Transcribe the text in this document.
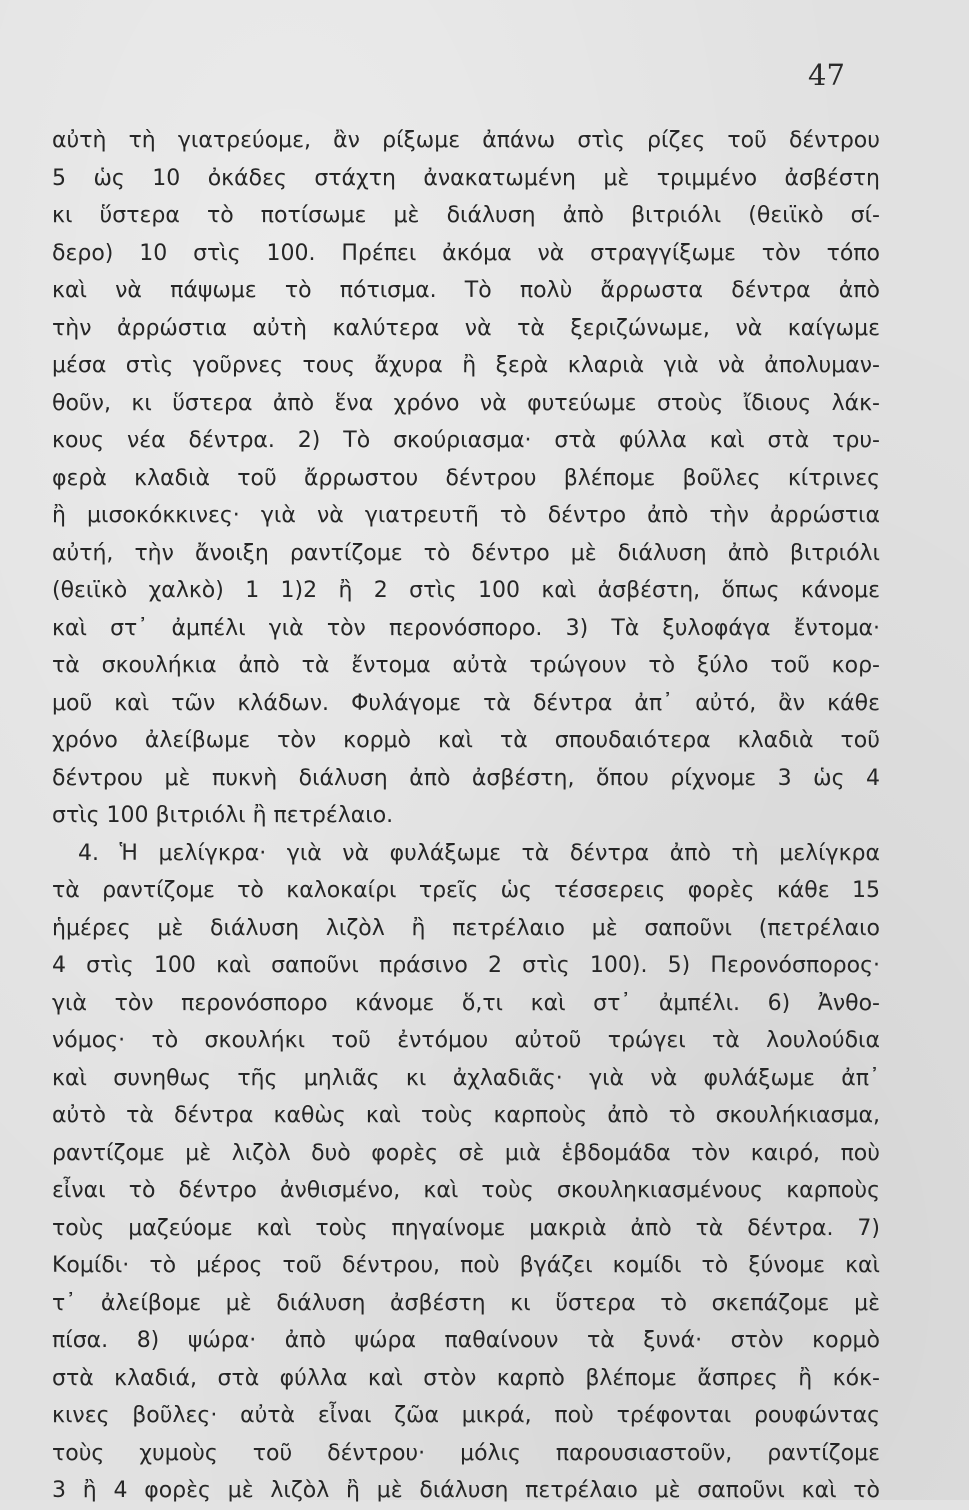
47
αὐτὴ τὴ γιατρεύομε, ἂν ρίξωμε ἀπάνω στὶς ρίζες τοῦ δέντρου
5 ὡς 10 ὀκάδες στάχτη ἀνακατωμένη μὲ τριμμένο ἀσβέστη
κι ὕστερα τὸ ποτίσωμε μὲ διάλυση ἀπὸ βιτριόλι (θειϊκὸ σί-
δερο) 10 στὶς 100. Πρέπει ἀκόμα νὰ στραγγίξωμε τὸν τόπο
καὶ νὰ πάψωμε τὸ πότισμα. Τὸ πολὺ ἄρρωστα δέντρα ἀπὸ
τὴν ἀρρώστια αὐτὴ καλύτερα νὰ τὰ ξεριζώνωμε, νὰ καίγωμε
μέσα στὶς γοῦρνες τους ἄχυρα ἢ ξερὰ κλαριὰ γιὰ νὰ ἀπολυμαν-
θοῦν, κι ὕστερα ἀπὸ ἕνα χρόνο νὰ φυτεύωμε στοὺς ἴδιους λάκ-
κους νέα δέντρα. 2) Τὸ σκούριασμα· στὰ φύλλα καὶ στὰ τρυ-
φερὰ κλαδιὰ τοῦ ἄρρωστου δέντρου βλέπομε βοῦλες κίτρινες
ἢ μισοκόκκινες· γιὰ νὰ γιατρευτῆ τὸ δέντρο ἀπὸ τὴν ἀρρώστια
αὐτή, τὴν ἄνοιξη ραντίζομε τὸ δέντρο μὲ διάλυση ἀπὸ βιτριόλι
(θειϊκὸ χαλκὸ) 1 1)2 ἢ 2 στὶς 100 καὶ ἀσβέστη, ὅπως κάνομε
καὶ στ᾽ ἀμπέλι γιὰ τὸν περονόσπορο. 3) Τὰ ξυλοφάγα ἔντομα·
τὰ σκουλήκια ἀπὸ τὰ ἔντομα αὐτὰ τρώγουν τὸ ξύλο τοῦ κορ-
μοῦ καὶ τῶν κλάδων. Φυλάγομε τὰ δέντρα ἀπ᾽ αὐτό, ἂν κάθε
χρόνο ἀλείβωμε τὸν κορμὸ καὶ τὰ σπουδαιότερα κλαδιὰ τοῦ
δέντρου μὲ πυκνὴ διάλυση ἀπὸ ἀσβέστη, ὅπου ρίχνομε 3 ὡς 4
στὶς 100 βιτριόλι ἢ πετρέλαιο.
4. Ἡ μελίγκρα· γιὰ νὰ φυλάξωμε τὰ δέντρα ἀπὸ τὴ μελίγκρα
τὰ ραντίζομε τὸ καλοκαίρι τρεῖς ὡς τέσσερεις φορὲς κάθε 15
ἡμέρες μὲ διάλυση λιζὸλ ἢ πετρέλαιο μὲ σαποῦνι (πετρέλαιο
4 στὶς 100 καὶ σαποῦνι πράσινο 2 στὶς 100). 5) Περονόσπορος·
γιὰ τὸν περονόσπορο κάνομε ὅ,τι καὶ στ᾽ ἀμπέλι. 6) Ἀνθο-
νόμος· τὸ σκουλήκι τοῦ ἐντόμου αὐτοῦ τρώγει τὰ λουλούδια
καὶ συνηθως τῆς μηλιᾶς κι ἀχλαδιᾶς· γιὰ νὰ φυλάξωμε ἀπ᾽
αὐτὸ τὰ δέντρα καθὼς καὶ τοὺς καρποὺς ἀπὸ τὸ σκουλήκιασμα,
ραντίζομε μὲ λιζὸλ δυὸ φορὲς σὲ μιὰ ἑβδομάδα τὸν καιρό, ποὺ
εἶναι τὸ δέντρο ἀνθισμένο, καὶ τοὺς σκουληκιασμένους καρποὺς
τοὺς μαζεύομε καὶ τοὺς πηγαίνομε μακριὰ ἀπὸ τὰ δέντρα. 7)
Κομίδι· τὸ μέρος τοῦ δέντρου, ποὺ βγάζει κομίδι τὸ ξύνομε καὶ
τ᾽ ἀλείβομε μὲ διάλυση ἀσβέστη κι ὕστερα τὸ σκεπάζομε μὲ
πίσα. 8) ψώρα· ἀπὸ ψώρα παθαίνουν τὰ ξυνά· στὸν κορμὸ
στὰ κλαδιά, στὰ φύλλα καὶ στὸν καρπὸ βλέπομε ἄσπρες ἢ κόκ-
κινες βοῦλες· αὐτὰ εἶναι ζῶα μικρά, ποὺ τρέφονται ρουφώντας
τοὺς χυμοὺς τοῦ δέντρου· μόλις παρουσιαστοῦν, ραντίζομε
3 ἢ 4 φορὲς μὲ λιζὸλ ἢ μὲ διάλυση πετρέλαιο μὲ σαποῦνι καὶ τὸ
